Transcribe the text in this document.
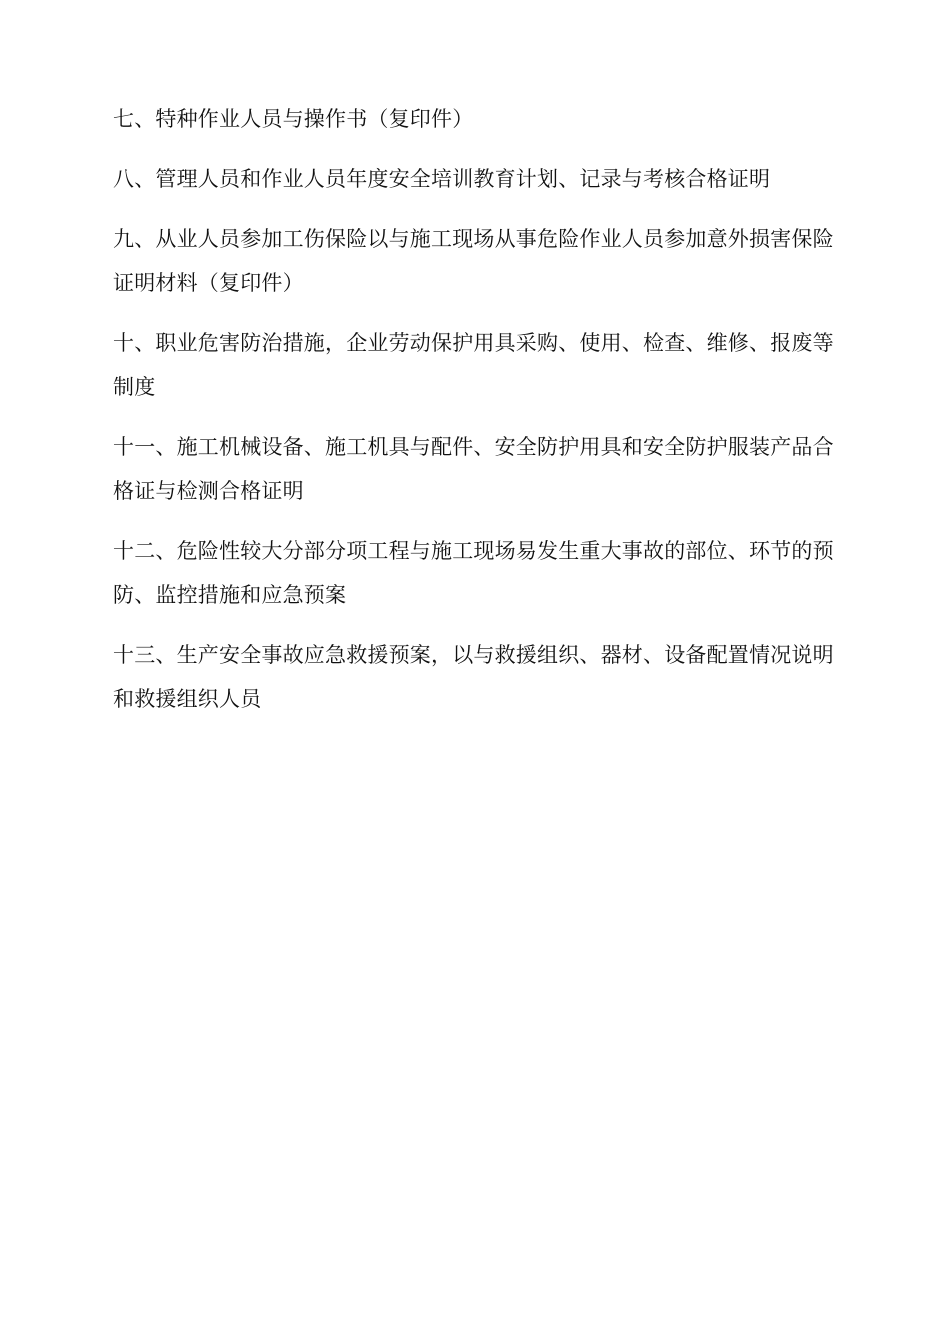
七、特种作业人员与操作书（复印件）

八、管理人员和作业人员年度安全培训教育计划、记录与考核合格证明

九、从业人员参加工伤保险以与施工现场从事危险作业人员参加意外损害保险证明材料（复印件）

十、职业危害防治措施，企业劳动保护用具采购、使用、检查、维修、报废等制度

十一、施工机械设备、施工机具与配件、安全防护用具和安全防护服装产品合格证与检测合格证明

十二、危险性较大分部分项工程与施工现场易发生重大事故的部位、环节的预防、监控措施和应急预案

十三、生产安全事故应急救援预案，以与救援组织、器材、设备配置情况说明和救援组织人员
